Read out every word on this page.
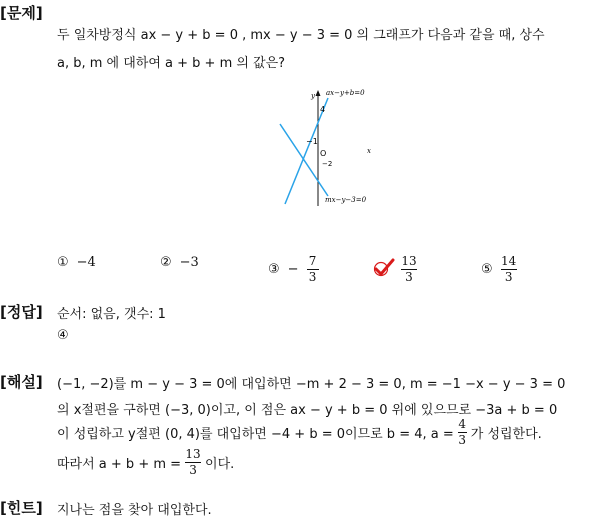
[문제]
두 일차방정식 ax − y + b = 0 , mx − y − 3 = 0 의 그래프가 다음과 같을 때, 상수
a, b, m 에 대하여 a + b + m 의 값은?
y
4
−1
O
−2
x
ax−y+b=0
mx−y−3=0
① −4	② −3	③ − $\frac{7}{3}$	$\frac{13}{3}$	⑤ $\frac{14}{3}$
[정답] 순서: 없음, 갯수: 1
④
[해설] (−1, −2)를 m − y − 3 = 0에 대입하면 −m + 2 − 3 = 0, m = −1 −x − y − 3 = 0
의 x절편을 구하면 (−3, 0)이고, 이 점은 ax − y + b = 0 위에 있으므로 −3a + b = 0
이 성립하고 y절편 (0, 4)를 대입하면 −4 + b = 0이므로 b = 4, $a = \frac{4}{3}$ 가 성립한다.
따라서 $a + b + m = \frac{13}{3}$ 이다.
[힌트] 지나는 점을 찾아 대입한다.
